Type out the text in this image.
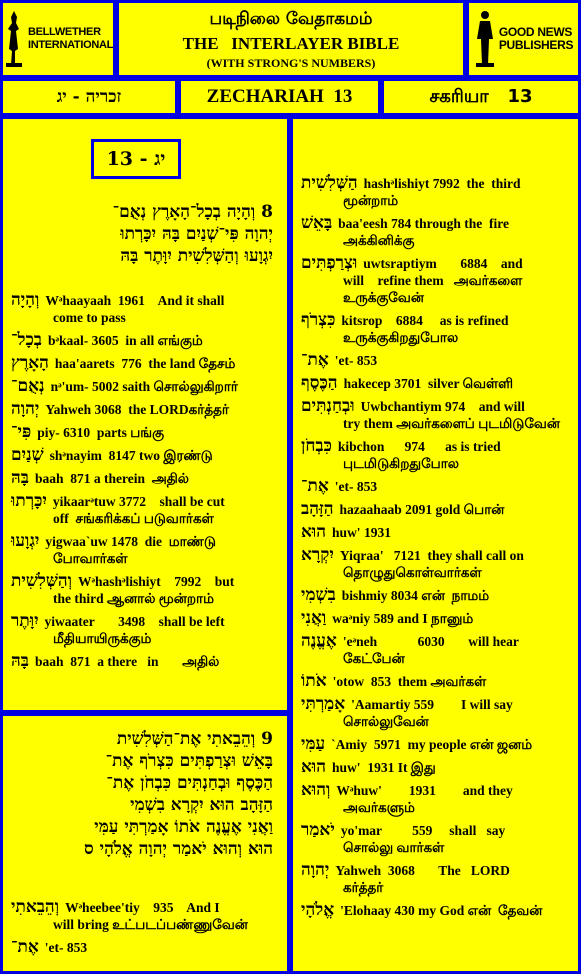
BELLWETHER
INTERNATIONAL
படிநிலை வேதாகமம்
THE   INTERLAYER BIBLE
(WITH STRONG'S NUMBERS)
GOOD NEWS
PUBLISHERS
זכריה - יג	ZECHARIAH  13	சகரியா   13
יג - 13
8 וְהָיָה בְכָל־הָאָרֶץ נְאֻם־
יְהוָה פִּי־שְׁנַיִם בָּהּ יִכָּרְתוּ
יִגְוָעוּ וְהַשְּׁלִשִׁית יִוָּתֶר בָּהּ
וְהָיָה Wᵊhaayaah  1961    And it shall
come to pass
בְכָל־ bᵊkaal- 3605  in all எங்கும்
הָאָרֶץ haa'aarets  776  the land தேசம்
נְאֻם־ nᵊ'um- 5002 saith சொல்லுகிறார்
יְהוָה Yahweh 3068  the LORDகர்த்தர்
פִּי־ piy- 6310  parts பங்கு
שְׁנַיִם shᵊnayim  8147 two இரண்டு
בָּהּ baah  871 a therein  அதில்
יִכָּרְתוּ yikaarᵊtuw 3772    shall be cut
off  சங்கரிக்கப் படுவார்கள்
יִגְוָעוּ yigwaa`uw 1478  die  மாண்டு
போவார்கள்
וְהַשְּׁלִשִׁית Wᵊhashᵊlishiyt    7992    but
the third ஆனால் மூன்றாம்
יִוָּתֶר yiwaater       3498    shall be left
மீதியாயிருக்கும்
בָּהּ baah  871  a there   in       அதில்
9 וְהֵבֵאתִי אֶת־הַשְּׁלִשִׁית
בָּאֵשׁ וּצְרַפְתִּים כִּצְרֹף אֶת־
הַכֶּסֶף וּבְחַנְתִּים כִּבְחֹן אֶת־
הַזָּהָב הוּא יִקְרָא בִשְׁמִי
וַאֲנִי אֶעֱנֶה אֹתוֹ אָמַרְתִּי עַמִּי
הוּא וְהוּא יֹאמַר יְהוָה אֱלֹהָי ס
וְהֵבֵאתִי Wᵊheebee'tiy    935    And I
will bring உட்படப்பண்ணுவேன்
אֶת־ 'et- 853
הַשְּׁלִשִׁית hashᵊlishiyt 7992  the  third
மூன்றாம்
בָּאֵשׁ baa'eesh 784 through the  fire
அக்கினிக்கு
וּצְרַפְתִּים uwtsraptiym       6884    and
will    refine them   அவர்களை
உருக்குவேன்
כִּצְרֹף kitsrop    6884     as is refined
உருக்குகிறதுபோல
אֶת־ 'et- 853
הַכֶּסֶף hakecep 3701  silver வெள்ளி
וּבְחַנְתִּים Uwbchantiym 974    and will
try them அவர்களைப் புடமிடுவேன்
כִּבְחֹן kibchon      974      as is tried
புடமிடுகிறதுபோல
אֶת־ 'et- 853
הַזָּהָב hazaahaab 2091 gold பொன்
הוּא huw' 1931
יִקְרָא Yiqraa'   7121  they shall call on
தொழுதுகொள்வார்கள்
בִשְׁמִי bishmiy 8034 என்  நாமம்
וַאֲנִי waᵊniy 589 and I நானும்
אֶעֱנֶה 'eᵊneh            6030       will hear
கேட்பேன்
אֹתוֹ 'otow  853  them அவர்கள்
אָמַרְתִּי 'Aamartiy 559        I will say
சொல்லுவேன்
עַמִּי `Amiy  5971  my people என் ஜனம்
הוּא huw'  1931 It இது
וְהוּא Wᵊhuw'        1931        and they
அவர்களும்
יֹאמַר yo'mar         559     shall   say
சொல்லு வார்கள்
יְהוָה Yahweh  3068       The   LORD
கர்த்தர்
אֱלֹהָי 'Elohaay 430 my God என்  தேவன்
